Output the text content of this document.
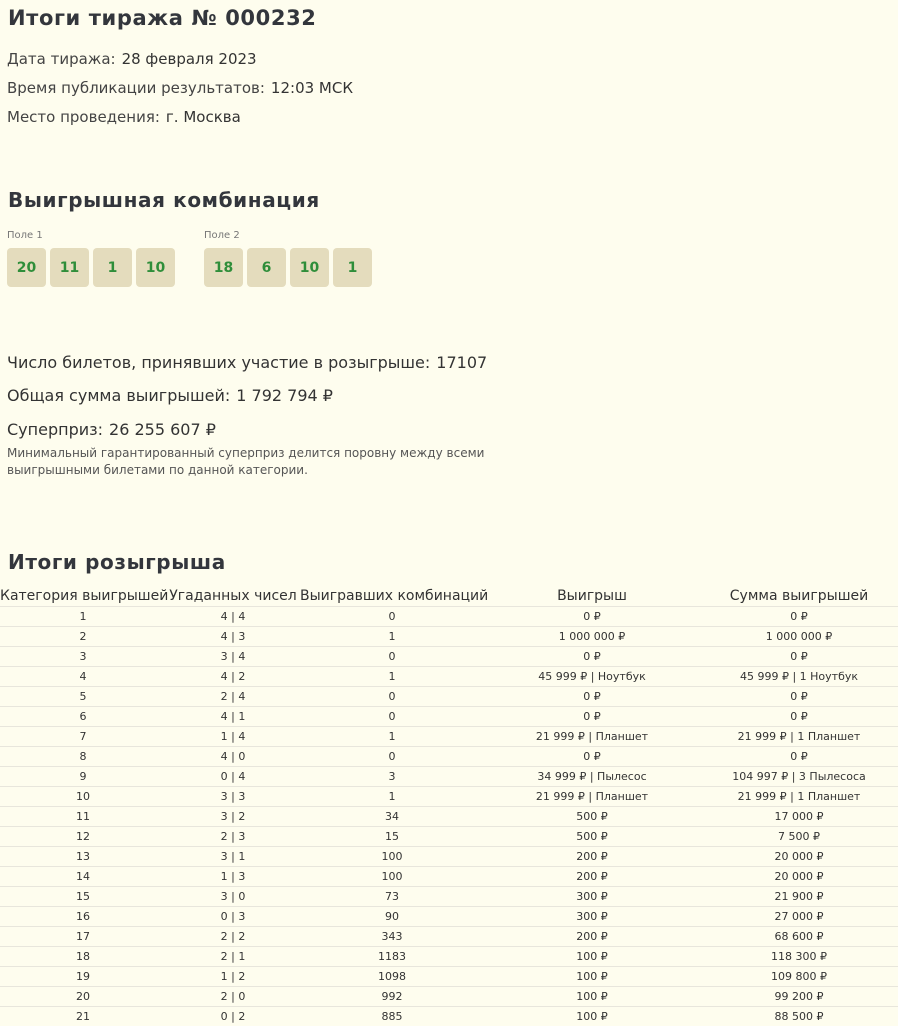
Итоги тиража № 000232
Дата тиража: 28 февраля 2023
Время публикации результатов: 12:03 МСК
Место проведения: г. Москва
Выигрышная комбинация
Поле 1
20	11	1	10
Поле 2
18	6	10	1
Число билетов, принявших участие в розыгрыше: 17107
Общая сумма выигрышей: 1 792 794 ₽
Суперприз: 26 255 607 ₽
Минимальный гарантированный суперприз делится поровну между всеми выигрышными билетами по данной категории.
Итоги розыгрыша
Категория выигрышей	Угаданных чисел	Выигравших комбинаций	Выигрыш	Сумма выигрышей
1	4 | 4	0	0 ₽	0 ₽
2	4 | 3	1	1 000 000 ₽	1 000 000 ₽
3	3 | 4	0	0 ₽	0 ₽
4	4 | 2	1	45 999 ₽ | Ноутбук	45 999 ₽ | 1 Ноутбук
5	2 | 4	0	0 ₽	0 ₽
6	4 | 1	0	0 ₽	0 ₽
7	1 | 4	1	21 999 ₽ | Планшет	21 999 ₽ | 1 Планшет
8	4 | 0	0	0 ₽	0 ₽
9	0 | 4	3	34 999 ₽ | Пылесос	104 997 ₽ | 3 Пылесоса
10	3 | 3	1	21 999 ₽ | Планшет	21 999 ₽ | 1 Планшет
11	3 | 2	34	500 ₽	17 000 ₽
12	2 | 3	15	500 ₽	7 500 ₽
13	3 | 1	100	200 ₽	20 000 ₽
14	1 | 3	100	200 ₽	20 000 ₽
15	3 | 0	73	300 ₽	21 900 ₽
16	0 | 3	90	300 ₽	27 000 ₽
17	2 | 2	343	200 ₽	68 600 ₽
18	2 | 1	1183	100 ₽	118 300 ₽
19	1 | 2	1098	100 ₽	109 800 ₽
20	2 | 0	992	100 ₽	99 200 ₽
21	0 | 2	885	100 ₽	88 500 ₽
